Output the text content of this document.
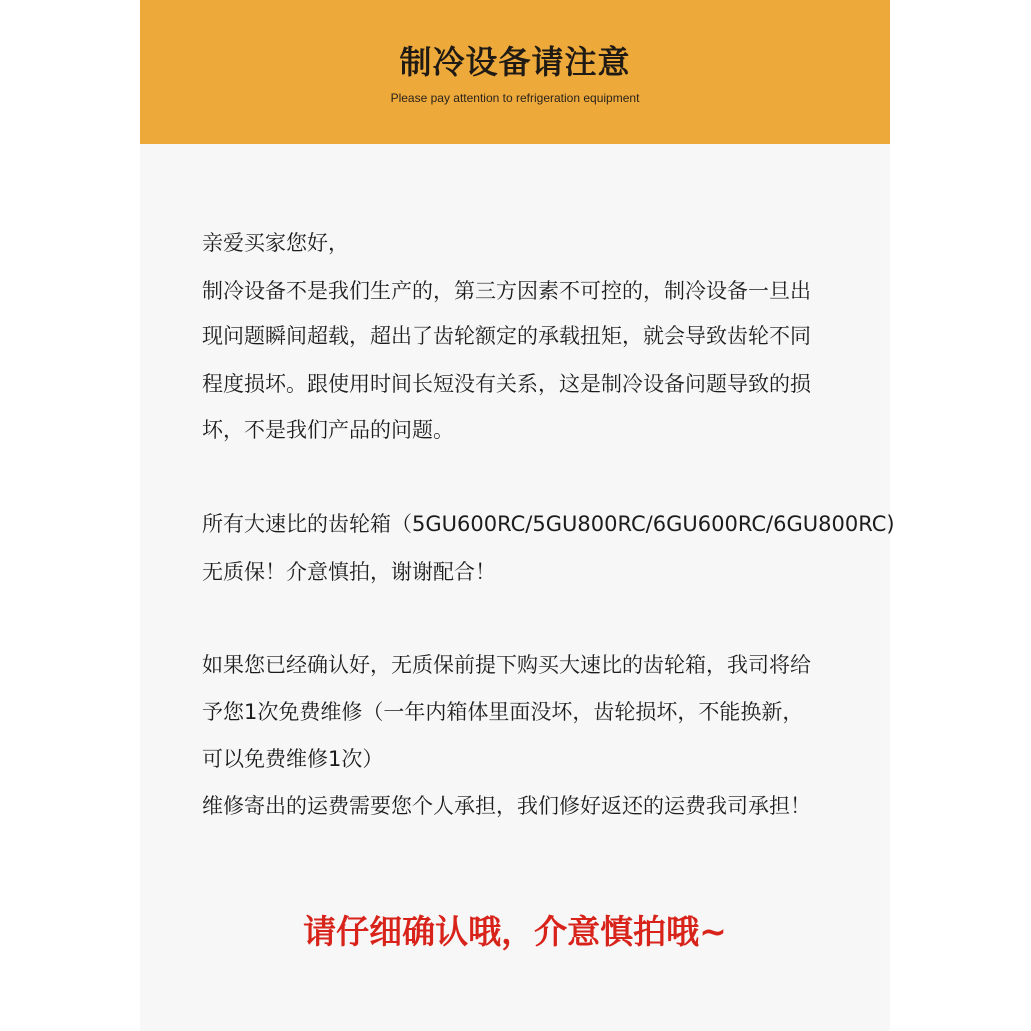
制冷设备请注意
Please pay attention to refrigeration equipment
亲爱买家您好，
制冷设备不是我们生产的，第三方因素不可控的，制冷设备一旦出
现问题瞬间超载，超出了齿轮额定的承载扭矩，就会导致齿轮不同
程度损坏。跟使用时间长短没有关系，这是制冷设备问题导致的损
坏，不是我们产品的问题。
所有大速比的齿轮箱（5GU600RC/5GU800RC/6GU600RC/6GU800RC)
无质保！介意慎拍，谢谢配合！
如果您已经确认好，无质保前提下购买大速比的齿轮箱，我司将给
予您1次免费维修（一年内箱体里面没坏，齿轮损坏，不能换新，
可以免费维修1次）
维修寄出的运费需要您个人承担，我们修好返还的运费我司承担！
请仔细确认哦，介意慎拍哦~
